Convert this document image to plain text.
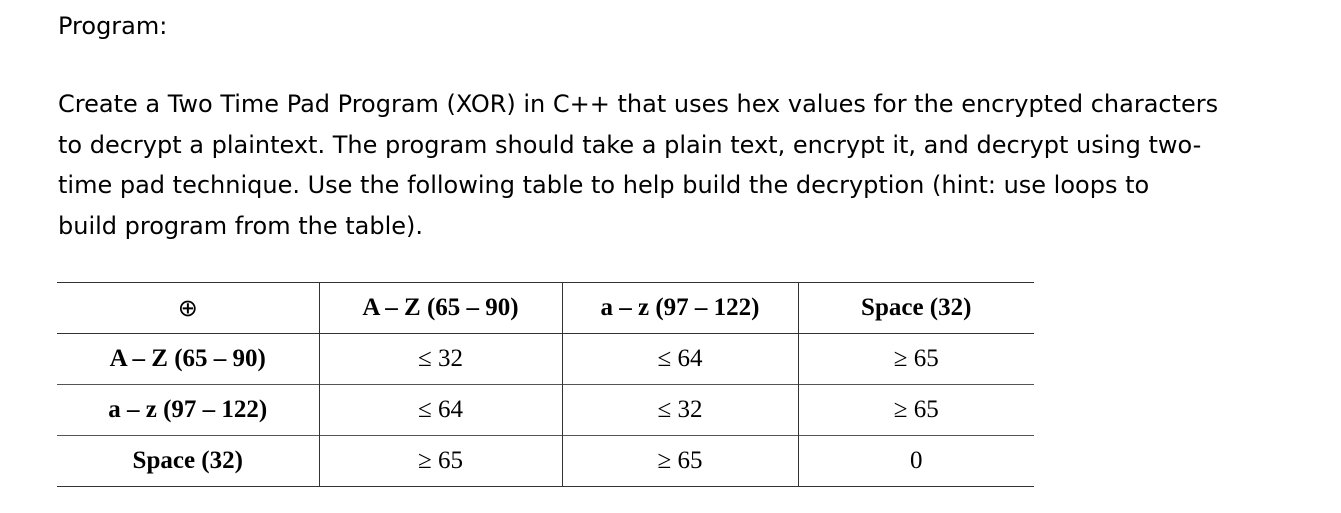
Program:
Create a Two Time Pad Program (XOR) in C++ that uses hex values for the encrypted characters
to decrypt a plaintext. The program should take a plain text, encrypt it, and decrypt using two-
time pad technique. Use the following table to help build the decryption (hint: use loops to
build program from the table).
⊕	A – Z (65 – 90)	a – z (97 – 122)	Space (32)
A – Z (65 – 90)	≤ 32	≤ 64	≥ 65
a – z (97 – 122)	≤ 64	≤ 32	≥ 65
Space (32)	≥ 65	≥ 65	0
